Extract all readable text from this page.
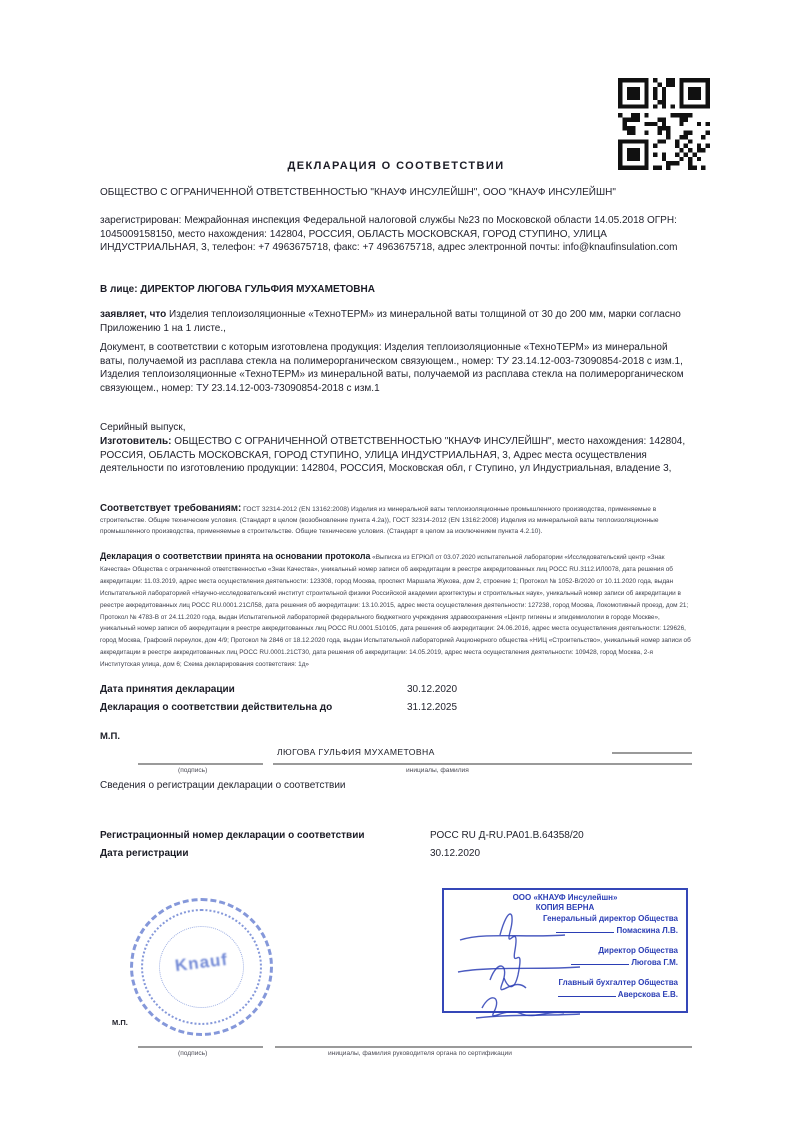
ДЕКЛАРАЦИЯ О СООТВЕТСТВИИ
ОБЩЕСТВО С ОГРАНИЧЕННОЙ ОТВЕТСТВЕННОСТЬЮ "КНАУФ ИНСУЛЕЙШН", ООО "КНАУФ ИНСУЛЕЙШН"
зарегистрирован: Межрайонная инспекция Федеральной налоговой службы №23 по Московской области 14.05.2018 ОГРН: 1045009158150, место нахождения: 142804, РОССИЯ, ОБЛАСТЬ МОСКОВСКАЯ, ГОРОД СТУПИНО, УЛИЦА ИНДУСТРИАЛЬНАЯ, 3, телефон: +7 4963675718, факс: +7 4963675718, адрес электронной почты: info@knaufinsulation.com
В лице: ДИРЕКТОР ЛЮГОВА ГУЛЬФИЯ МУХАМЕТОВНА
заявляет, что Изделия теплоизоляционные «ТехноТЕРМ» из минеральной ваты толщиной от 30 до 200 мм, марки согласно Приложению 1 на 1 листе.,
Документ, в соответствии с которым изготовлена продукция: Изделия теплоизоляционные «ТехноТЕРМ» из минеральной ваты, получаемой из расплава стекла на полимерорганическом связующем., номер: ТУ 23.14.12-003-73090854-2018 с изм.1, Изделия теплоизоляционные «ТехноТЕРМ» из минеральной ваты, получаемой из расплава стекла на полимерорганическом связующем., номер: ТУ 23.14.12-003-73090854-2018 с изм.1
Серийный выпуск,
Изготовитель: ОБЩЕСТВО С ОГРАНИЧЕННОЙ ОТВЕТСТВЕННОСТЬЮ "КНАУФ ИНСУЛЕЙШН", место нахождения: 142804, РОССИЯ, ОБЛАСТЬ МОСКОВСКАЯ, ГОРОД СТУПИНО, УЛИЦА ИНДУСТРИАЛЬНАЯ, 3, Адрес места осуществления деятельности по изготовлению продукции: 142804, РОССИЯ, Московская обл, г Ступино, ул Индустриальная, владение 3,
Соответствует требованиям: ГОСТ 32314-2012 (EN 13162:2008) Изделия из минеральной ваты теплоизоляционные промышленного производства, применяемые в строительстве. Общие технические условия. (Стандарт в целом (возобновление пункта 4.2а)), ГОСТ 32314-2012 (EN 13162:2008) Изделия из минеральной ваты теплоизоляционные промышленного производства, применяемые в строительстве. Общие технические условия. (Стандарт в целом за исключением пункта 4.2.10).
Декларация о соответствии принята на основании протокола «Выписка из ЕГРЮЛ от 03.07.2020 испытательной лаборатории «Исследовательский центр «Знак Качества» Общества с ограниченной ответственностью «Знак Качества», уникальный номер записи об аккредитации в реестре аккредитованных лиц РОСС RU.3112.ИЛ0078, дата решения об аккредитации: 11.03.2019, адрес места осуществления деятельности: 123308, город Москва, проспект Маршала Жукова, дом 2, строение 1; Протокол № 1052-В/2020 от 10.11.2020 года, выдан Испытательной лабораторией «Научно-исследовательский институт строительной физики Российской академии архитектуры и строительных наук», уникальный номер записи об аккредитации в реестре аккредитованных лиц РОСС RU.0001.21СЛ58, дата решения об аккредитации: 13.10.2015, адрес места осуществления деятельности: 127238, город Москва, Локомотивный проезд, дом 21; Протокол № 4783-В от 24.11.2020 года, выдан Испытательной лабораторией федерального бюджетного учреждения здравоохранения «Центр гигиены и эпидемиологии в городе Москве», уникальный номер записи об аккредитации в реестре аккредитованных лиц РОСС RU.0001.510105, дата решения об аккредитации: 24.06.2016, адрес места осуществления деятельности: 129626, город Москва, Графский переулок, дом 4/9; Протокол № 2846 от 18.12.2020 года, выдан Испытательной лабораторией Акционерного общества «НИЦ «Строительство», уникальный номер записи об аккредитации в реестре аккредитованных лиц РОСС RU.0001.21СТ30, дата решения об аккредитации: 14.05.2019, адрес места осуществления деятельности: 109428, город Москва, 2-я Институтская улица, дом 6; Схема декларирования соответствия: 1д»
Дата принятия декларации	30.12.2020
Декларация о соответствии действительна до	31.12.2025
М.П.
ЛЮГОВА ГУЛЬФИЯ МУХАМЕТОВНА
(подпись)	инициалы, фамилия
Сведения о регистрации декларации о соответствии
Регистрационный номер декларации о соответствии	РОСС RU Д-RU.РА01.В.64358/20
Дата регистрации	30.12.2020
Knauf
М.П.
ООО «КНАУФ Инсулейшн»
КОПИЯ ВЕРНА
Генеральный директор Общества
Помаскина Л.В.
Директор Общества
Люгова Г.М.
Главный бухгалтер Общества
Аверскова Е.В.
(подпись)	инициалы, фамилия руководителя органа по сертификации
